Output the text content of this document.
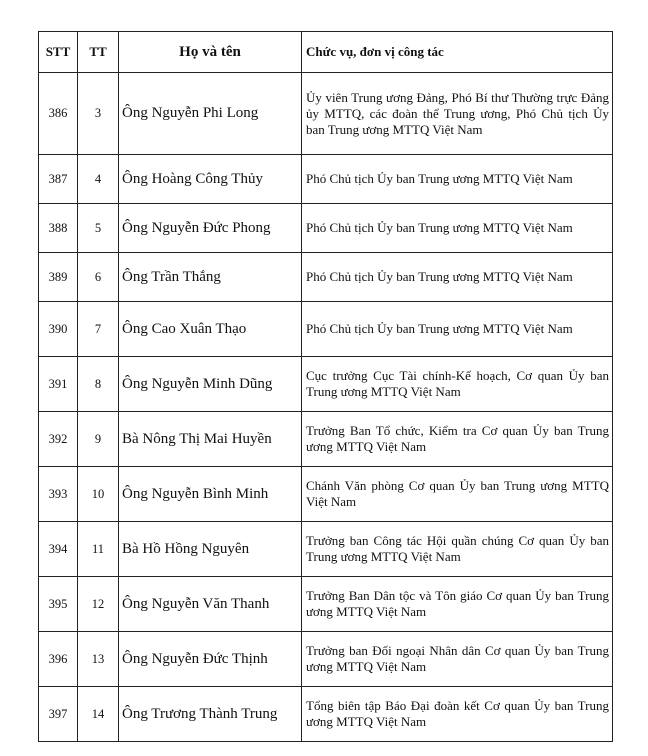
STT	TT	Họ và tên	Chức vụ, đơn vị công tác
386	3	Ông Nguyễn Phi Long	Ủy viên Trung ương Đảng, Phó Bí thư Thường trực Đảng ủy MTTQ, các đoàn thể Trung ương, Phó Chủ tịch Ủy ban Trung ương MTTQ Việt Nam
387	4	Ông Hoàng Công Thủy	Phó Chủ tịch Ủy ban Trung ương MTTQ Việt Nam
388	5	Ông Nguyễn Đức Phong	Phó Chủ tịch Ủy ban Trung ương MTTQ Việt Nam
389	6	Ông Trần Thắng	Phó Chủ tịch Ủy ban Trung ương MTTQ Việt Nam
390	7	Ông Cao Xuân Thạo	Phó Chủ tịch Ủy ban Trung ương MTTQ Việt Nam
391	8	Ông Nguyễn Minh Dũng	Cục trưởng Cục Tài chính-Kế hoạch, Cơ quan Ủy ban Trung ương MTTQ Việt Nam
392	9	Bà Nông Thị Mai Huyền	Trưởng Ban Tổ chức, Kiểm tra Cơ quan Ủy ban Trung ương MTTQ Việt Nam
393	10	Ông Nguyễn Bình Minh	Chánh Văn phòng Cơ quan Ủy ban Trung ương MTTQ Việt Nam
394	11	Bà Hồ Hồng Nguyên	Trưởng ban Công tác Hội quần chúng Cơ quan Ủy ban Trung ương MTTQ Việt Nam
395	12	Ông Nguyễn Văn Thanh	Trưởng Ban Dân tộc và Tôn giáo Cơ quan Ủy ban Trung ương MTTQ Việt Nam
396	13	Ông Nguyễn Đức Thịnh	Trưởng ban Đối ngoại Nhân dân Cơ quan Ủy ban Trung ương MTTQ Việt Nam
397	14	Ông Trương Thành Trung	Tổng biên tập Báo Đại đoàn kết Cơ quan Ủy ban Trung ương MTTQ Việt Nam
